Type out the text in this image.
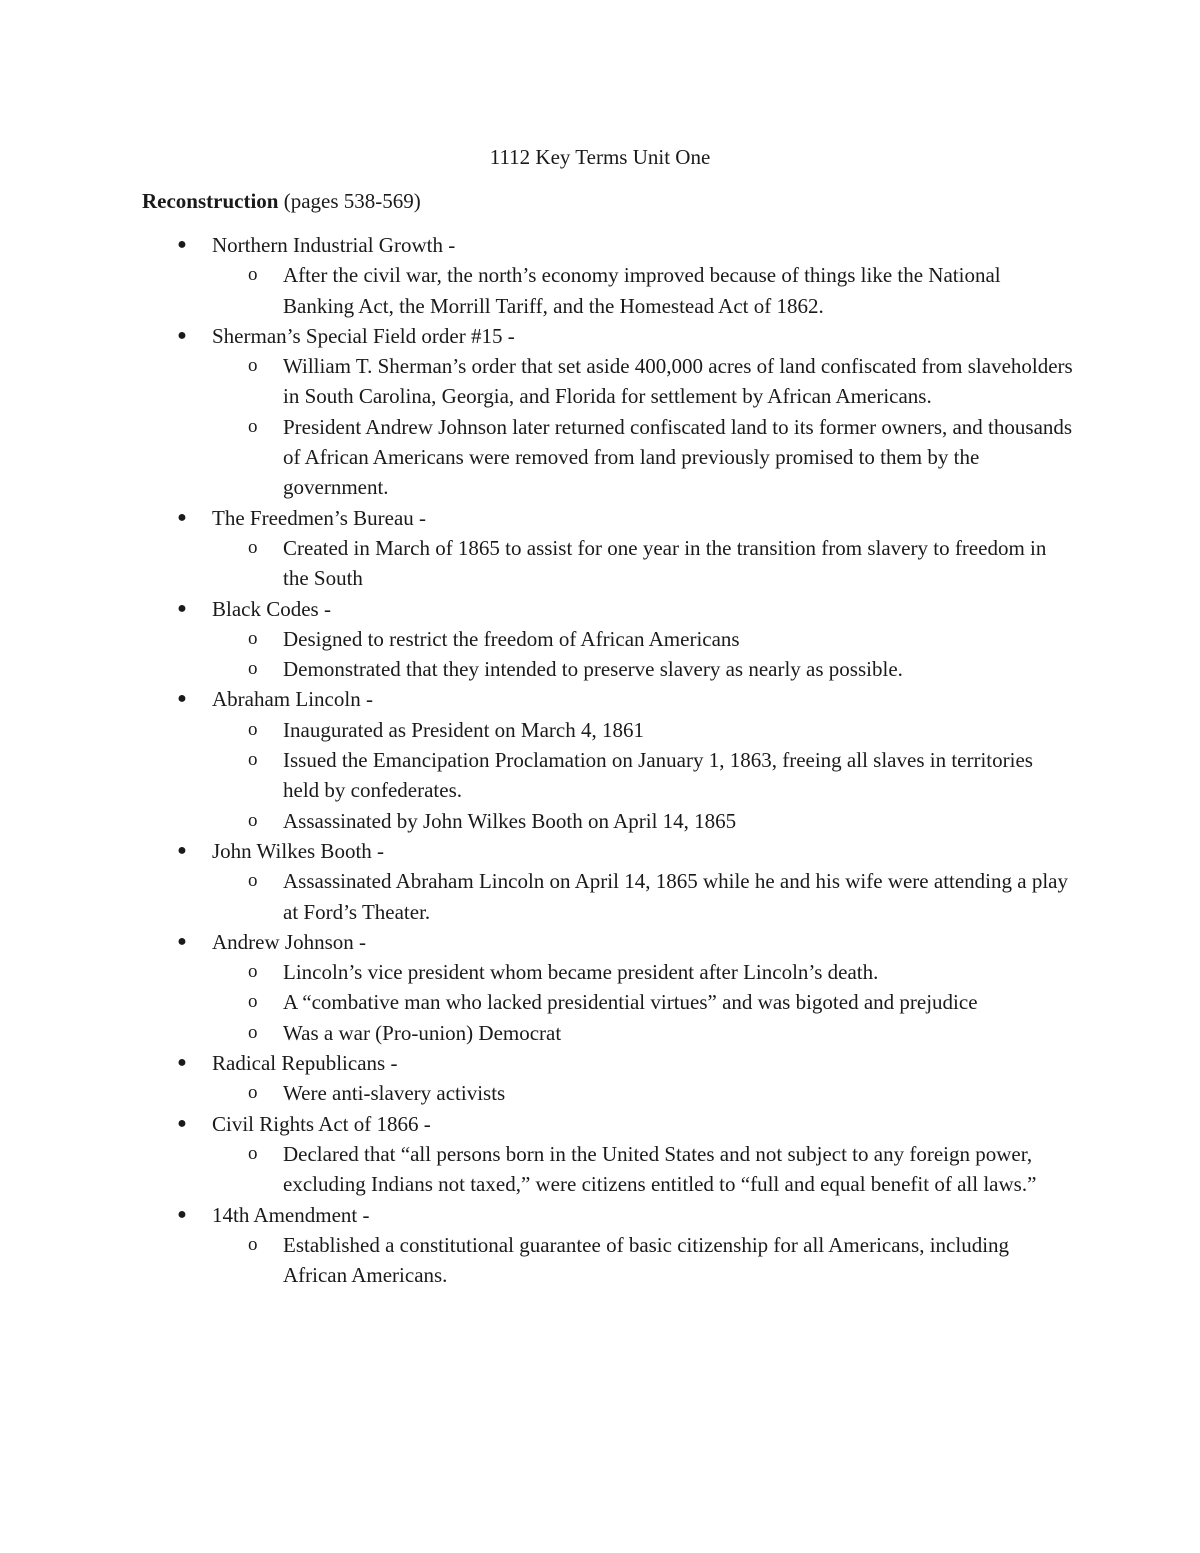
1112 Key Terms Unit One
Reconstruction (pages 538-569)
● Northern Industrial Growth -
o After the civil war, the north’s economy improved because of things like the National Banking Act, the Morrill Tariff, and the Homestead Act of 1862.
● Sherman’s Special Field order #15 -
o William T. Sherman’s order that set aside 400,000 acres of land confiscated from slaveholders in South Carolina, Georgia, and Florida for settlement by African Americans.
o President Andrew Johnson later returned confiscated land to its former owners, and thousands of African Americans were removed from land previously promised to them by the government.
● The Freedmen’s Bureau -
o Created in March of 1865 to assist for one year in the transition from slavery to freedom in the South
● Black Codes -
o Designed to restrict the freedom of African Americans
o Demonstrated that they intended to preserve slavery as nearly as possible.
● Abraham Lincoln -
o Inaugurated as President on March 4, 1861
o Issued the Emancipation Proclamation on January 1, 1863, freeing all slaves in territories held by confederates.
o Assassinated by John Wilkes Booth on April 14, 1865
● John Wilkes Booth -
o Assassinated Abraham Lincoln on April 14, 1865 while he and his wife were attending a play at Ford’s Theater.
● Andrew Johnson -
o Lincoln’s vice president whom became president after Lincoln’s death.
o A “combative man who lacked presidential virtues” and was bigoted and prejudice
o Was a war (Pro-union) Democrat
● Radical Republicans -
o Were anti-slavery activists
● Civil Rights Act of 1866 -
o Declared that “all persons born in the United States and not subject to any foreign power, excluding Indians not taxed,” were citizens entitled to “full and equal benefit of all laws.”
● 14th Amendment -
o Established a constitutional guarantee of basic citizenship for all Americans, including African Americans.
